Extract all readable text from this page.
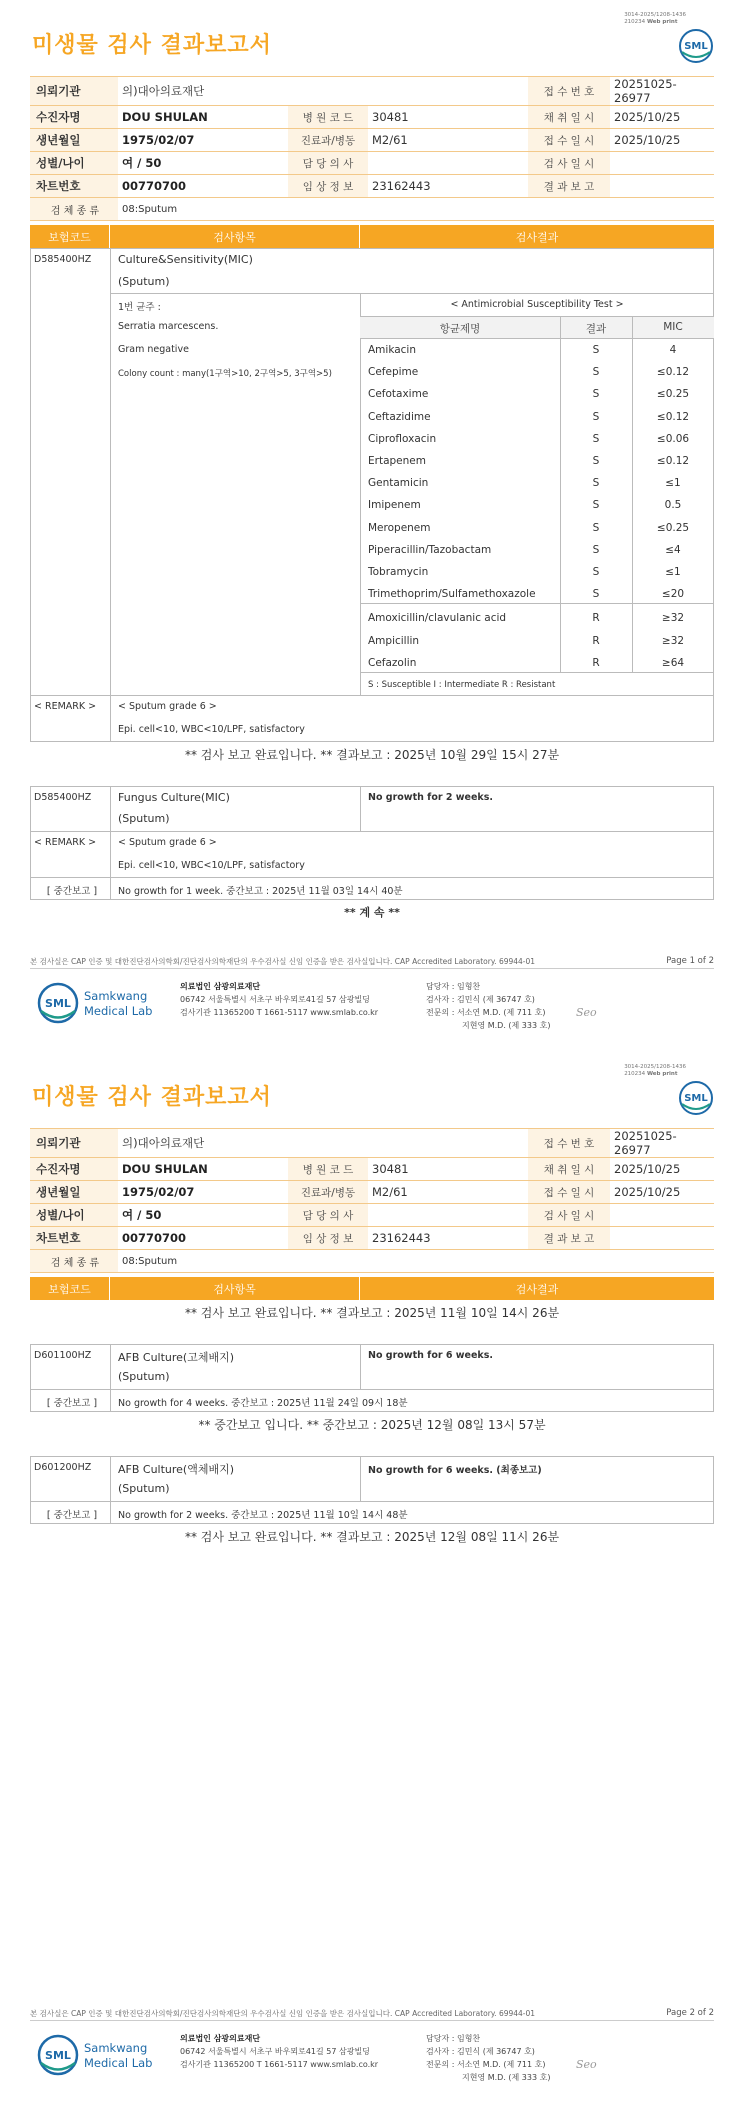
3014-2025/1208-1436
210234 Web print
미생물 검사 결과보고서	SML
의뢰기관	의)대아의료재단			접 수 번 호	20251025-26977
수진자명	DOU SHULAN	병 원 코 드	30481	채 취 일 시	2025/10/25
생년월일	1975/02/07	진료과/병동	M2/61	접 수 일 시	2025/10/25
성별/나이	여 / 50	담 당 의 사		검 사 일 시	
차트번호	00770700	임 상 정 보	23162443	결 과 보 고	
검 체 종 류	08:Sputum				
보험코드	검사항목	검사결과
D585400HZ Culture&Sensitivity(MIC)
(Sputum)
1번 균주 :
Serratia marcescens.
Gram negative
Colony count : many(1구역>10, 2구역>5, 3구역>5)
< Antimicrobial Susceptibility Test >
항균제명	결과	MIC
Amikacin	S	4
Cefepime	S	≤0.12
Cefotaxime	S	≤0.25
Ceftazidime	S	≤0.12
Ciprofloxacin	S	≤0.06
Ertapenem	S	≤0.12
Gentamicin	S	≤1
Imipenem	S	0.5
Meropenem	S	≤0.25
Piperacillin/Tazobactam	S	≤4
Tobramycin	S	≤1
Trimethoprim/Sulfamethoxazole	S	≤20
Amoxicillin/clavulanic acid	R	≥32
Ampicillin	R	≥32
Cefazolin	R	≥64
S : Susceptible I : Intermediate R : Resistant
< REMARK > < Sputum grade 6 >
Epi. cell<10, WBC<10/LPF, satisfactory
** 검사 보고 완료입니다. ** 결과보고 : 2025년 10월 29일 15시 27분
D585400HZ Fungus Culture(MIC)
(Sputum)
No growth for 2 weeks.
< REMARK > < Sputum grade 6 >
Epi. cell<10, WBC<10/LPF, satisfactory
[ 중간보고 ]	No growth for 1 week. 중간보고 : 2025년 11월 03일 14시 40분
** 계 속 **
본 검사실은 CAP 인증 및 대한진단검사의학회/진단검사의학재단의 우수검사실 신임 인증을 받은 검사실입니다. CAP Accredited Laboratory. 69944-01	Page 1 of 2
SML
Samkwang
Medical Lab
의료법인 삼광의료재단
06742 서울특별시 서초구 바우뫼로41길 57 삼광빌딩
검사기관 11365200 T 1661-5117 www.smlab.co.kr
담당자 : 임형찬
검사자 : 김민식 (제 36747 호)
전문의 : 서소연 M.D. (제 711 호)
지현영 M.D. (제 333 호)
Seo
3014-2025/1208-1436
210234 Web print
미생물 검사 결과보고서	SML
의뢰기관	의)대아의료재단			접 수 번 호	20251025-26977
수진자명	DOU SHULAN	병 원 코 드	30481	채 취 일 시	2025/10/25
생년월일	1975/02/07	진료과/병동	M2/61	접 수 일 시	2025/10/25
성별/나이	여 / 50	담 당 의 사		검 사 일 시	
차트번호	00770700	임 상 정 보	23162443	결 과 보 고	
검 체 종 류	08:Sputum				
보험코드	검사항목	검사결과
** 검사 보고 완료입니다. ** 결과보고 : 2025년 11월 10일 14시 26분
D601100HZ AFB Culture(고체배지)
(Sputum)
No growth for 6 weeks.
[ 중간보고 ]	No growth for 4 weeks. 중간보고 : 2025년 11월 24일 09시 18분
** 중간보고 입니다. ** 중간보고 : 2025년 12월 08일 13시 57분
D601200HZ AFB Culture(액체배지)
(Sputum)
No growth for 6 weeks. (최종보고)
[ 중간보고 ]	No growth for 2 weeks. 중간보고 : 2025년 11월 10일 14시 48분
** 검사 보고 완료입니다. ** 결과보고 : 2025년 12월 08일 11시 26분
본 검사실은 CAP 인증 및 대한진단검사의학회/진단검사의학재단의 우수검사실 신임 인증을 받은 검사실입니다. CAP Accredited Laboratory. 69944-01	Page 2 of 2
SML
Samkwang
Medical Lab
의료법인 삼광의료재단
06742 서울특별시 서초구 바우뫼로41길 57 삼광빌딩
검사기관 11365200 T 1661-5117 www.smlab.co.kr
담당자 : 임형찬
검사자 : 김민식 (제 36747 호)
전문의 : 서소연 M.D. (제 711 호)
지현영 M.D. (제 333 호)
Seo
